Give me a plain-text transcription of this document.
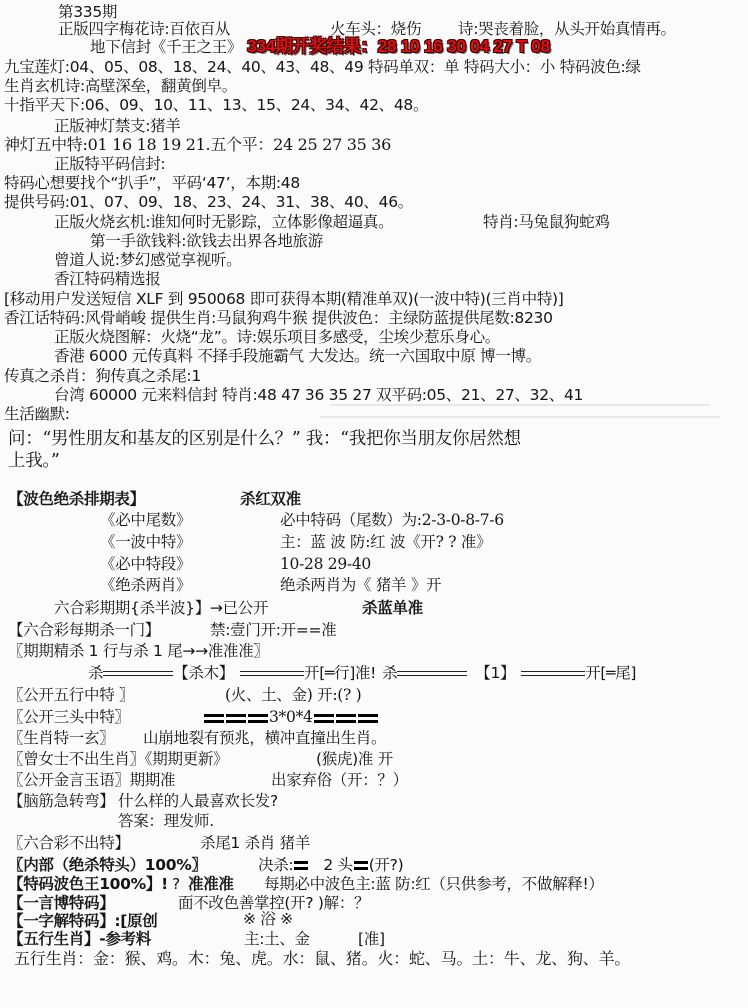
第335期
正版四字梅花诗:百依百从	火车头：烧伤 诗:哭丧着脸，从头开始真情再。
地下信封《千王之王》 334期开奖结果：28 10 16 30 04 27 T 08
九宝莲灯:04、05、08、18、24、40、43、48、49 特码单双：单 特码大小：小 特码波色:绿
生肖玄机诗:高壁深垒，翻黄倒皁。
十指平天下:06、09、10、11、13、15、24、34、42、48。
正版神灯禁支:猪羊
神灯五中特:01 16 18 19 21.五个平：24 25 27 35 36
正版特平码信封:
特码心想要找个“扒手”，平码‘47’，本期:48
提供号码:01、07、09、18、23、24、31、38、40、46。
正版火烧玄机:谁知何时无影踪，立体影像超逼真。	特肖:马兔鼠狗蛇鸡
第一手欲钱料:欲钱去出界各地旅游
曾道人说:梦幻感觉享视听。
香江特码精选报
[移动用户发送短信 XLF 到 950068 即可获得本期(精准单双)(一波中特)(三肖中特)]
香江话特码:风骨峭峻 提供生肖:马鼠狗鸡牛猴 提供波色：主绿防蓝提供尾数:8230
正版火烧图解：火烧“龙”。诗:娱乐项目多感受，尘埃少惹乐身心。
香港 6000 元传真料 不择手段施霸气 大发达。统一六国取中原 博一博。
传真之杀肖：狗传真之杀尾:1
台湾 60000 元来料信封 特肖:48 47 36 35 27 双平码:05、21、27、32、41
生活幽默:
问：“男性朋友和基友的区别是什么？” 我：“我把你当朋友你居然想
上我。”
【波色绝杀排期表】	杀红双准
《必中尾数》	必中特码（尾数）为:2-3-0-8-7-6
《一波中特》	主：蓝 波 防:红 波《开? ? 准》
《必中特段》	10-28 29-40
《绝杀两肖》	绝杀两肖为《 猪羊 》开
六合彩期期{杀半波}】→已公开	杀蓝单准
【六合彩每期杀一门】	禁:壹门开:开==准
〖期期精杀 1 行与杀 1 尾→→准准准〗
杀	【杀木】	开[═行]准! 杀	【1】	开[═尾]
〖公开五行中特 〗	(火、土、金) 开:(? )
〖公开三头中特〗	3*0*4
〖生肖特一玄〗 山崩地裂有预兆，横冲直撞出生肖。
〖曾女士不出生肖〗《期期更新》	(猴虎)准 开
〖公开金言玉语〗期期准	出家弃俗（开：？）
【脑筋急转弯】 什么样的人最喜欢长发?
答案：理发师.
〖六合彩不出特】	杀尾1 杀肖 猪羊
〖内部（绝杀特头）100%〗	决杀: 2 头 (开?)
【特码波色王100%】! ? 准准准 每期必中波色主:蓝 防:红（只供参考，不做解释!）
【一言博特码】	面不改色善掌控(开? )解：？
【一字解特码】:[原创	※ 浴 ※
【五行生肖】-参考料	主:土、金	[准]
五行生肖：金：猴、鸡。木：兔、虎。水：鼠、猪。火：蛇、马。土：牛、龙、狗、羊。
